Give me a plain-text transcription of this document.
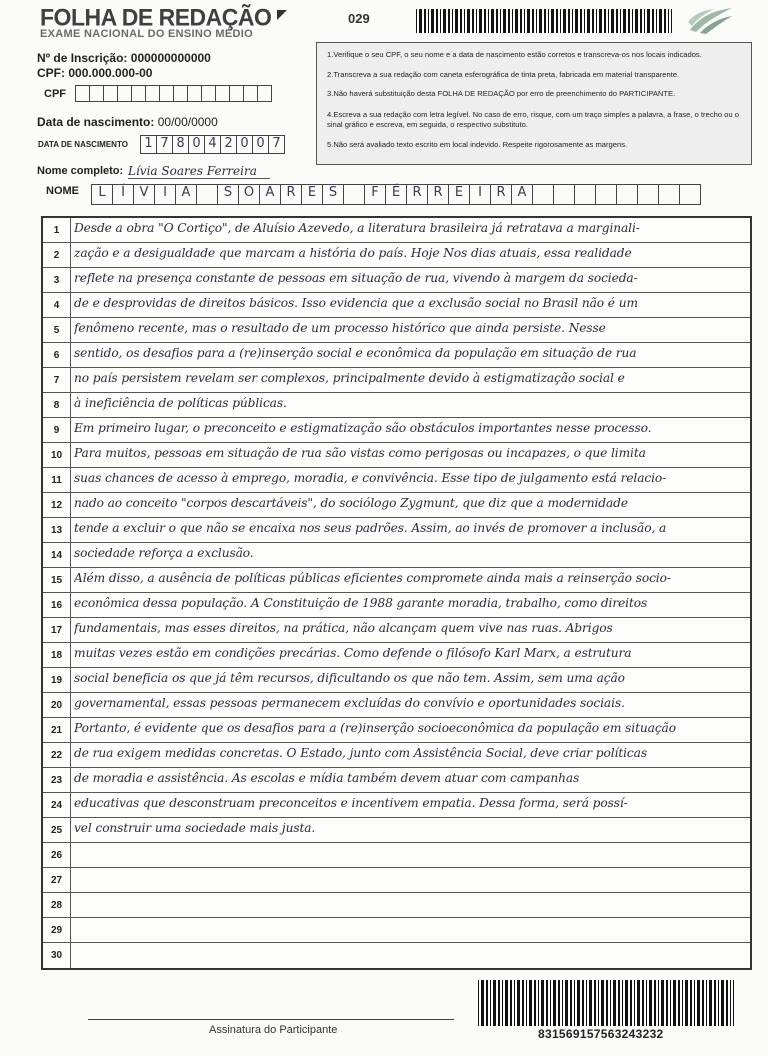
FOLHA DE REDAÇÃO
EXAME NACIONAL DO ENSINO MÉDIO
029
Nº de Inscrição: 000000000000
CPF: 000.000.000-00
CPF
Data de nascimento: 00/00/0000
DATA DE NASCIMENTO	1 7 8 0 4 2 0 0 7
Nome completo: Lívia Soares Ferreira
NOME	L	Í	V	I	A	S O A R E S	F	É R R E	I	R A

1.Verifique o seu CPF, o seu nome e a data de nascimento estão corretos e transcreva-os nos locais indicados.

2.Transcreva a sua redação com caneta esferográfica de tinta preta, fabricada em material transparente.

3.Não haverá substituição desta FOLHA DE REDAÇÃO por erro de preenchimento do PARTICIPANTE.

4.Escreva a sua redação com letra legível. No caso de erro, risque, com um traço simples a palavra, a frase, o trecho ou o sinal gráfico e escreva, em seguida, o respectivo substituto.

5.Não será avaliado texto escrito em local indevido. Respeite rigorosamente as margens.

1	Desde a obra "O Cortiço", de Aluísio Azevedo, a literatura brasileira já retratava a marginali-
2	zação e a desigualdade que marcam a história do país. Hoje Nos dias atuais, essa realidade
3	reflete na presença constante de pessoas em situação de rua, vivendo à margem da socieda-
4	de e desprovidas de direitos básicos. Isso evidencia que a exclusão social no Brasil não é um
5	fenômeno recente, mas o resultado de um processo histórico que ainda persiste. Nesse
6	sentido, os desafios para a (re)inserção social e econômica da população em situação de rua
7	no país persistem revelam ser complexos, principalmente devido à estigmatização social e
8	à ineficiência de políticas públicas.
9	Em primeiro lugar, o preconceito e estigmatização são obstáculos importantes nesse processo.
10 Para muitos, pessoas em situação de rua são vistas como perigosas ou incapazes, o que limita
11	suas chances de acesso à emprego, moradia, e convivência. Esse tipo de julgamento está relacio-
12 nado ao conceito "corpos descartáveis", do sociólogo Zygmunt, que diz que a modernidade
13 tende a excluir o que não se encaixa nos seus padrões. Assim, ao invés de promover a inclusão, a
14 sociedade reforça a exclusão.
15 Além disso, a ausência de políticas públicas eficientes compromete ainda mais a reinserção socio-
16 econômica dessa população. A Constituição de 1988 garante moradia, trabalho, como direitos
17 fundamentais, mas esses direitos, na prática, não alcançam quem vive nas ruas. Abrigos
18 muitas vezes estão em condições precárias. Como defende o filósofo Karl Marx, a estrutura
19 social beneficia os que já têm recursos, dificultando os que não tem. Assim, sem uma ação
20 governamental, essas pessoas permanecem excluídas do convívio e oportunidades sociais.
21 Portanto, é evidente que os desafios para a (re)inserção socioeconômica da população em situação
22 de rua exigem medidas concretas. O Estado, junto com Assistência Social, deve criar políticas
23 de moradia e assistência. As escolas e mídia também devem atuar com campanhas
24 educativas que desconstruam preconceitos e incentivem empatia. Dessa forma, será possí-
25 vel construir uma sociedade mais justa.
26
27
28
29
30
831569157563243232
Assinatura do Participante
